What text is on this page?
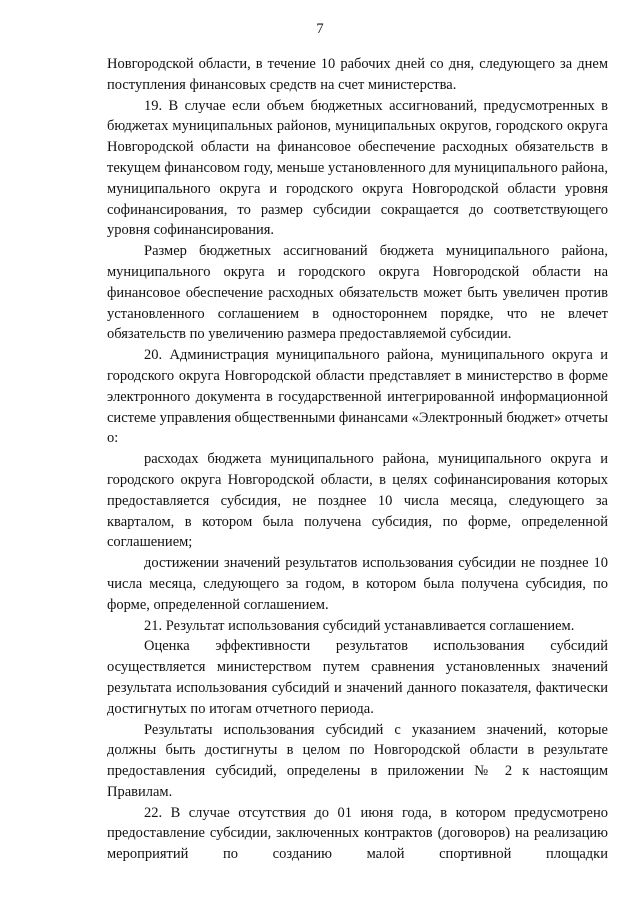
7

Новгородской области, в течение 10 рабочих дней со дня, следующего за днем поступления финансовых средств на счет министерства.

19. В случае если объем бюджетных ассигнований, предусмотренных в бюджетах муниципальных районов, муниципальных округов, городского округа Новгородской области на финансовое обеспечение расходных обязательств в текущем финансовом году, меньше установленного для муниципального района, муниципального округа и городского округа Новгородской области уровня софинансирования, то размер субсидии сокращается до соответствующего уровня софинансирования.

Размер бюджетных ассигнований бюджета муниципального района, муниципального округа и городского округа Новгородской области на финансовое обеспечение расходных обязательств может быть увеличен против установленного соглашением в одностороннем порядке, что не влечет обязательств по увеличению размера предоставляемой субсидии.

20. Администрация муниципального района, муниципального округа и городского округа Новгородской области представляет в министерство в форме электронного документа в государственной интегрированной информационной системе управления общественными финансами «Электронный бюджет» отчеты о:

расходах бюджета муниципального района, муниципального округа и городского округа Новгородской области, в целях софинансирования которых предоставляется субсидия, не позднее 10 числа месяца, следующего за кварталом, в котором была получена субсидия, по форме, определенной соглашением;

достижении значений результатов использования субсидии не позднее 10 числа месяца, следующего за годом, в котором была получена субсидия, по форме, определенной соглашением.

21. Результат использования субсидий устанавливается соглашением.

Оценка эффективности результатов использования субсидий осуществляется министерством путем сравнения установленных значений результата использования субсидий и значений данного показателя, фактически достигнутых по итогам отчетного периода.

Результаты использования субсидий с указанием значений, которые должны быть достигнуты в целом по Новгородской области в результате предоставления субсидий, определены в приложении № 2 к настоящим Правилам.

22. В случае отсутствия до 01 июня года, в котором предусмотрено предоставление субсидии, заключенных контрактов (договоров) на реализацию мероприятий по созданию малой спортивной площадки
